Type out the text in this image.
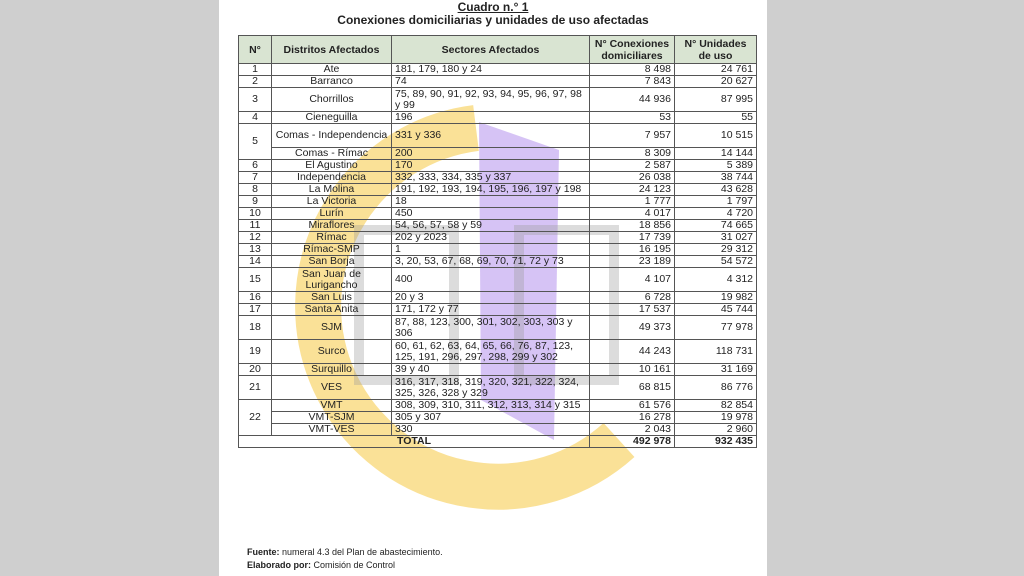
Cuadro n.° 1
Conexiones domiciliarias y unidades de uso afectadas
N°	Distritos Afectados	Sectores Afectados	N° Conexiones domiciliares	N° Unidades de uso
1	Ate	181, 179, 180 y 24	8 498	24 761
2	Barranco	74	7 843	20 627
3	Chorrillos	75, 89, 90, 91, 92, 93, 94, 95, 96, 97, 98 y 99	44 936	87 995
4	Cieneguilla	196	53	55
5	Comas - Independencia	331 y 336	7 957	10 515
	Comas - Rímac	200	8 309	14 144
6	El Agustino	170	2 587	5 389
7	Independencia	332, 333, 334, 335 y 337	26 038	38 744
8	La Molina	191, 192, 193, 194, 195, 196, 197 y 198	24 123	43 628
9	La Victoria	18	1 777	1 797
10	Lurín	450	4 017	4 720
11	Miraflores	54, 56, 57, 58 y 59	18 856	74 665
12	Rímac	202 y 2023	17 739	31 027
13	Rímac-SMP	1	16 195	29 312
14	San Borja	3, 20, 53, 67, 68, 69, 70, 71, 72 y 73	23 189	54 572
15	San Juan de Lurigancho	400	4 107	4 312
16	San Luis	20 y 3	6 728	19 982
17	Santa Anita	171, 172 y 77	17 537	45 744
18	SJM	87, 88, 123, 300, 301, 302, 303, 303 y 306	49 373	77 978
19	Surco	60, 61, 62, 63, 64, 65, 66, 76, 87, 123, 125, 191, 296, 297, 298, 299 y 302	44 243	118 731
20	Surquillo	39 y 40	10 161	31 169
21	VES	316, 317, 318, 319, 320, 321, 322, 324, 325, 326, 328 y 329	68 815	86 776
22	VMT	308, 309, 310, 311, 312, 313, 314 y 315	61 576	82 854
	VMT-SJM	305 y 307	16 278	19 978
	VMT-VES	330	2 043	2 960
TOTAL			492 978	932 435
Fuente: numeral 4.3 del Plan de abastecimiento.
Elaborado por: Comisión de Control
